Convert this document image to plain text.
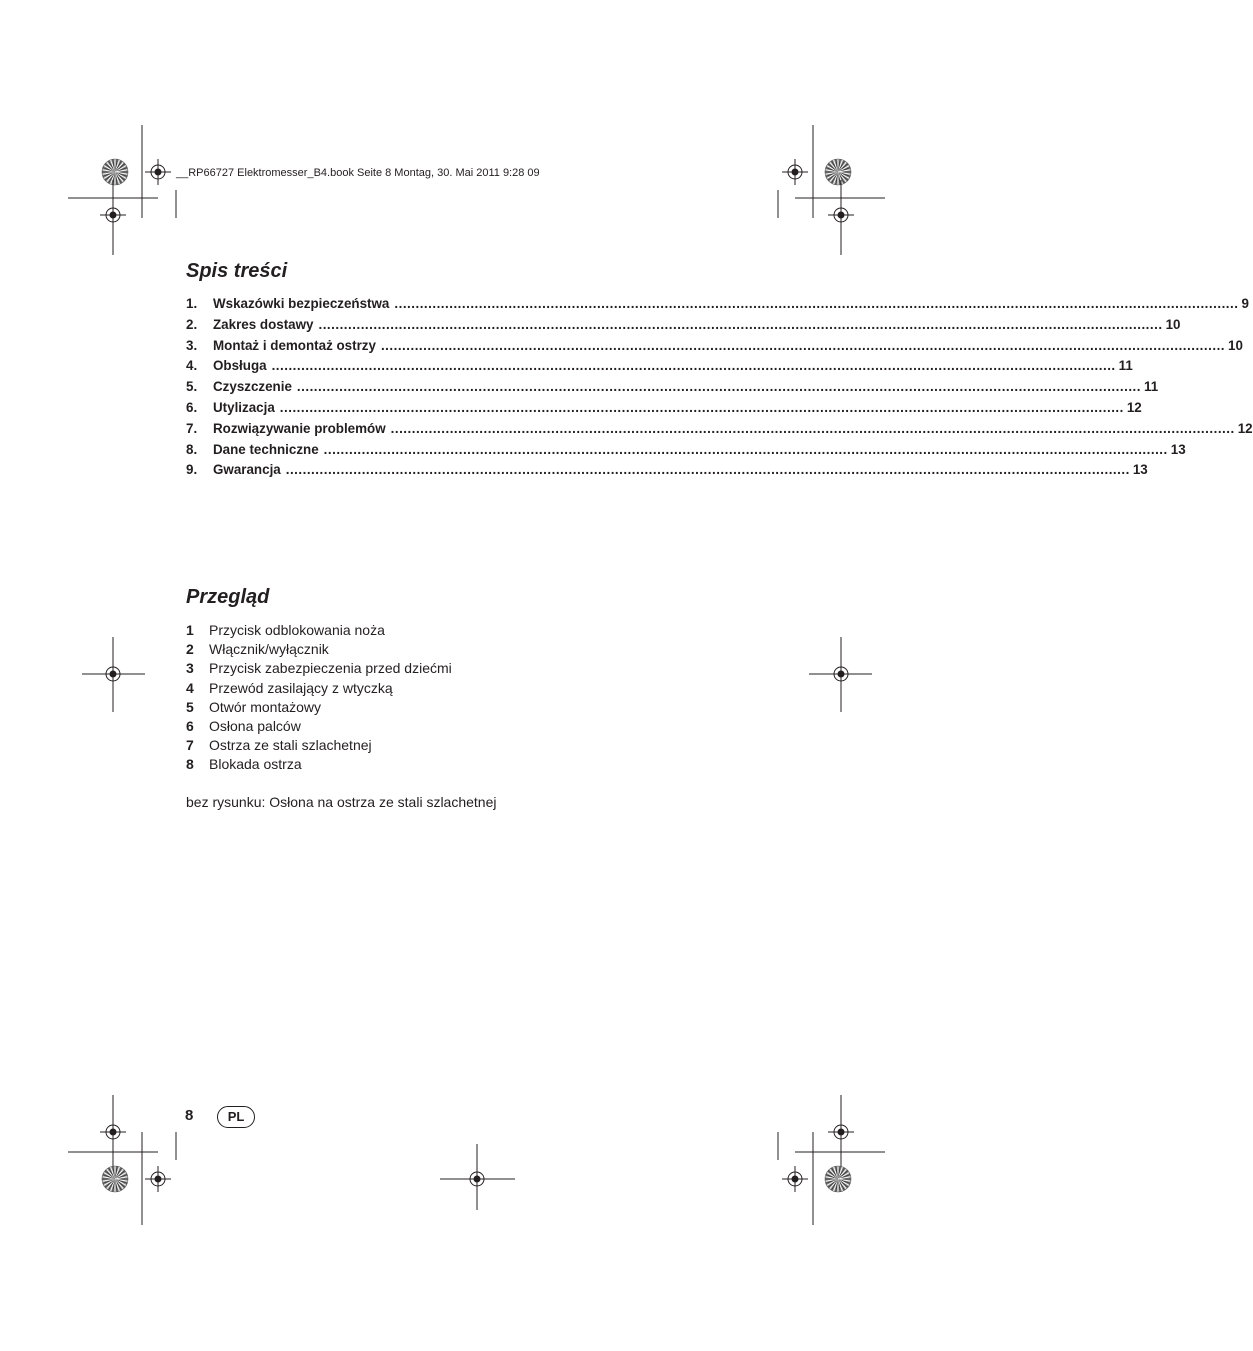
__RP66727 Elektromesser_B4.book Seite 8 Montag, 30. Mai 2011 9:28 09
Spis treści
1.	Wskazówki bezpieczeństwa ........................................................................................................................................................................................................ 9
2.	Zakres dostawy ........................................................................................................................................................................................................ 10
3.	Montaż i demontaż ostrzy ........................................................................................................................................................................................................ 10
4.	Obsługa ........................................................................................................................................................................................................ 11
5.	Czyszczenie ........................................................................................................................................................................................................ 11
6.	Utylizacja ........................................................................................................................................................................................................ 12
7.	Rozwiązywanie problemów ........................................................................................................................................................................................................ 12
8.	Dane techniczne ........................................................................................................................................................................................................ 13
9.	Gwarancja ........................................................................................................................................................................................................ 13
Przegląd
1 Przycisk odblokowania noża
2 Włącznik/wyłącznik
3 Przycisk zabezpieczenia przed dziećmi
4 Przewód zasilający z wtyczką
5 Otwór montażowy
6 Osłona palców
7 Ostrza ze stali szlachetnej
8 Blokada ostrza
bez rysunku: Osłona na ostrza ze stali szlachetnej
8	PL
